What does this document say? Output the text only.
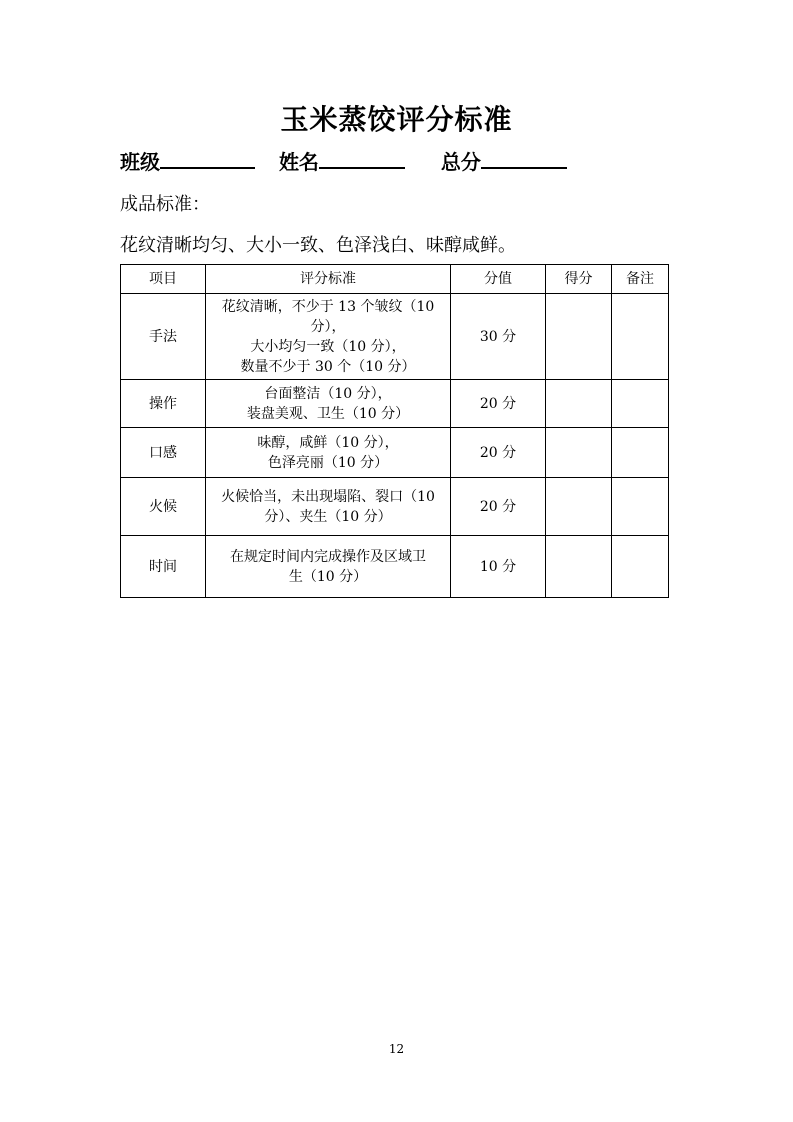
玉米蒸饺评分标准
班级	姓名	总分
成品标准：
花纹清晰均匀、大小一致、色泽浅白、味醇咸鲜。
项目	评分标准	分值	得分	备注
手法	花纹清晰，不少于 13 个皱纹（10
分），
大小均匀一致（10 分），
数量不少于 30 个（10 分）	30 分		
操作	台面整洁（10 分），
装盘美观、卫生（10 分）	20 分		
口感	味醇，咸鲜（10 分），
色泽亮丽（10 分）	20 分		
火候	火候恰当，未出现塌陷、裂口（10
分）、夹生（10 分）	20 分		
时间	在规定时间内完成操作及区域卫
生（10 分）	10 分		
12
